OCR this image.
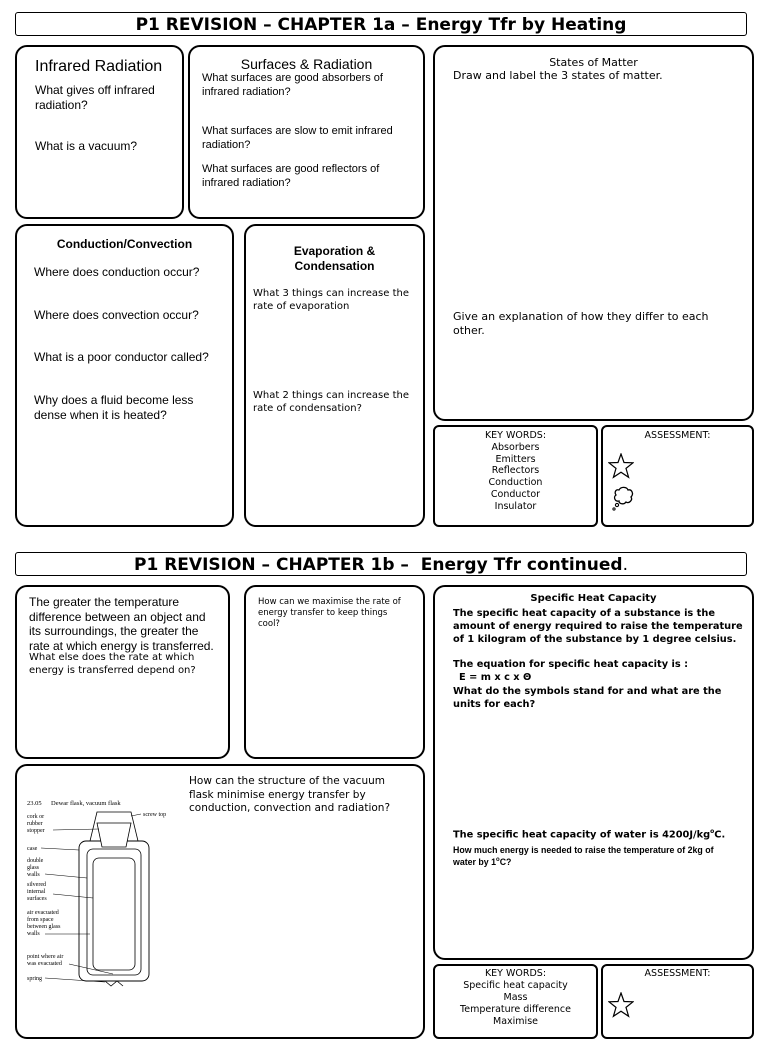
P1 REVISION – CHAPTER 1a – Energy Tfr by Heating
Infrared Radiation
What gives off infrared radiation?
What is a vacuum?
Surfaces & Radiation
What surfaces are good absorbers of infrared radiation?
What surfaces are slow to emit infrared radiation?
What surfaces are good reflectors of infrared radiation?
States of Matter
Draw and label the 3 states of matter.
Give an explanation of how they differ to each other.
Conduction/Convection
Where does conduction occur?
Where does convection occur?
What is a poor conductor called?
Why does a fluid become less dense when it is heated?
Evaporation & Condensation
What 3 things can increase the rate of evaporation
What 2 things can increase the rate of condensation?
KEY WORDS:
Absorbers
Emitters
Reflectors
Conduction
Conductor
Insulator
ASSESSMENT:
P1 REVISION – CHAPTER 1b – Energy Tfr continued.
The greater the temperature difference between an object and its surroundings, the greater the rate at which energy is transferred.
What else does the rate at which energy is transferred depend on?
How can we maximise the rate of energy transfer to keep things cool?
Specific Heat Capacity
The specific heat capacity of a substance is the amount of energy required to raise the temperature of 1 kilogram of the substance by 1 degree celsius.
The equation for specific heat capacity is :
E = m x c x Θ
What do the symbols stand for and what are the units for each?
The specific heat capacity of water is $4200J/kg^oC$.
How much energy is needed to raise the temperature of 2kg of water by 1$^o$C?
How can the structure of the vacuum flask minimise energy transfer by conduction, convection and radiation?
23.05 Dewar flask, vacuum flask
screw top
cork or rubber stopper
case
double glass walls
silvered internal surfaces
air evacuated from space between glass walls
point where air was evacuated
spring	KEY WORDS:
Specific heat capacity
Mass
Temperature difference
Maximise
ASSESSMENT:
